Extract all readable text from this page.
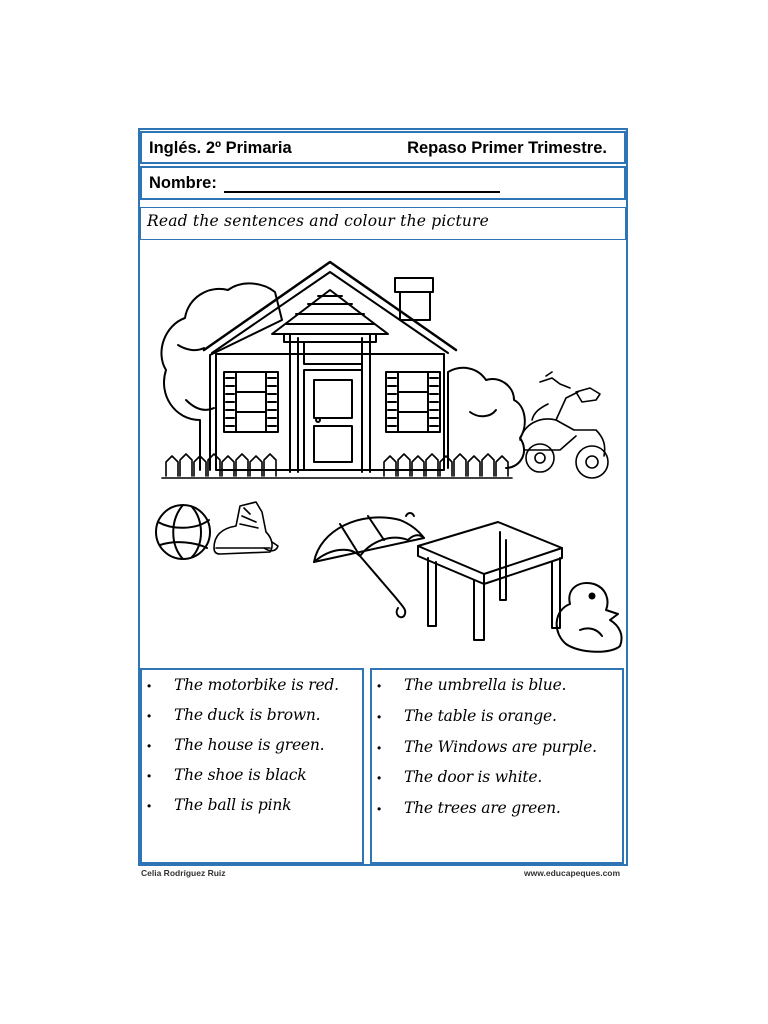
Inglés. 2º Primaria	Repaso Primer Trimestre.
Nombre:
Read the sentences and colour the picture
• The motorbike is red.
• The duck is brown.
• The house is green.
• The shoe is black
• The ball is pink
• The umbrella is blue.
• The table is orange.
• The Windows are purple.
• The door is white.
• The trees are green.
Celia Rodríguez Ruiz	www.educapeques.com
